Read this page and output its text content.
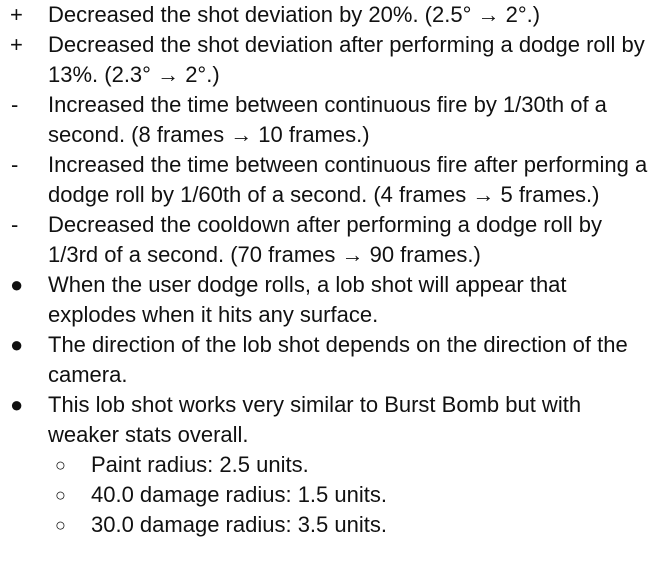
+	Decreased the shot deviation by 20%. (2.5° → 2°.)
+	Decreased the shot deviation after performing a dodge roll by 13%. (2.3° → 2°.)
-	Increased the time between continuous fire by 1/30th of a second. (8 frames → 10 frames.)
-	Increased the time between continuous fire after performing a dodge roll by 1/60th of a second. (4 frames → 5 frames.)
-	Decreased the cooldown after performing a dodge roll by 1/3rd of a second. (70 frames → 90 frames.)
●	When the user dodge rolls, a lob shot will appear that explodes when it hits any surface.
●	The direction of the lob shot depends on the direction of the camera.
●	This lob shot works very similar to Burst Bomb but with weaker stats overall.
○	Paint radius: 2.5 units.
○	40.0 damage radius: 1.5 units.
○	30.0 damage radius: 3.5 units.
